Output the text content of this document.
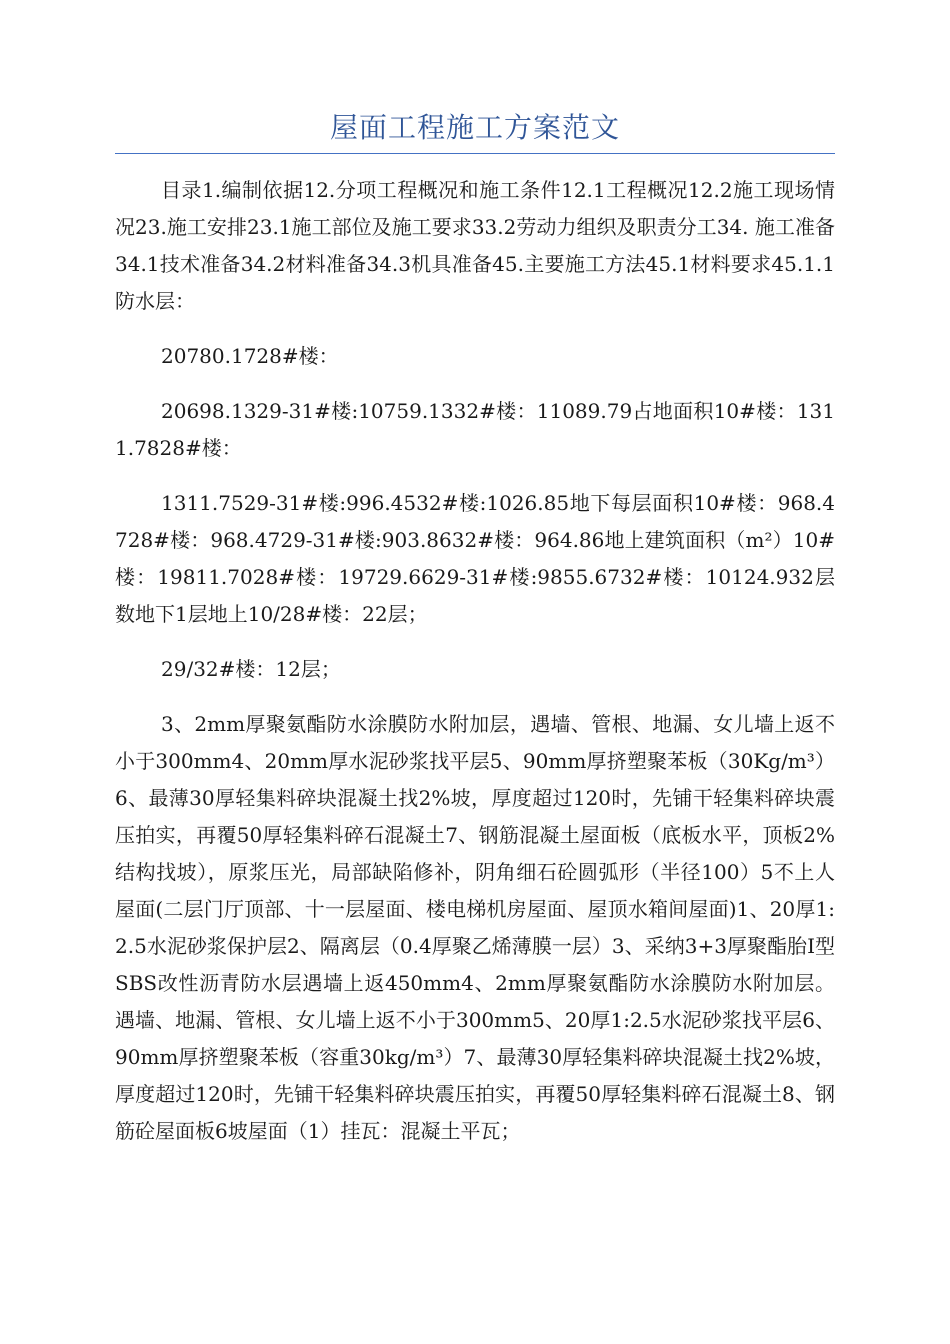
屋面工程施工方案范文

目录1.编制依据12.分项工程概况和施工条件12.1工程概况12.2施工现场情况23.施工安排23.1施工部位及施工要求33.2劳动力组织及职责分工34. 施工准备34.1技术准备34.2材料准备34.3机具准备45.主要施工方法45.1材料要求45.1.1防水层：

20780.1728#楼：

20698.1329-31#楼:10759.1332#楼：11089.79占地面积10#楼：1311.7828#楼：

1311.7529-31#楼:996.4532#楼:1026.85地下每层面积10#楼：968.4728#楼：968.4729-31#楼:903.8632#楼：964.86地上建筑面积（m²）10#楼：19811.7028#楼：19729.6629-31#楼:9855.6732#楼：10124.932层数地下1层地上10/28#楼：22层；

29/32#楼：12层；

3、2mm厚聚氨酯防水涂膜防水附加层，遇墙、管根、地漏、女儿墙上返不小于300mm4、20mm厚水泥砂浆找平层5、90mm厚挤塑聚苯板（30Kg/m³）6、最薄30厚轻集料碎块混凝土找2%坡，厚度超过120时，先铺干轻集料碎块震压拍实，再覆50厚轻集料碎石混凝土7、钢筋混凝土屋面板（底板水平，顶板2%结构找坡），原浆压光，局部缺陷修补，阴角细石砼圆弧形（半径100）5不上人屋面(二层门厅顶部、十一层屋面、楼电梯机房屋面、屋顶水箱间屋面)1、20厚1:2.5水泥砂浆保护层2、隔离层（0.4厚聚乙烯薄膜一层）3、采纳3+3厚聚酯胎Ⅰ型SBS改性沥青防水层遇墙上返450mm4、2mm厚聚氨酯防水涂膜防水附加层。遇墙、地漏、管根、女儿墙上返不小于300mm5、20厚1:2.5水泥砂浆找平层6、90mm厚挤塑聚苯板（容重30kg/m³）7、最薄30厚轻集料碎块混凝土找2%坡，厚度超过120时，先铺干轻集料碎块震压拍实，再覆50厚轻集料碎石混凝土8、钢筋砼屋面板6坡屋面（1）挂瓦：混凝土平瓦；
